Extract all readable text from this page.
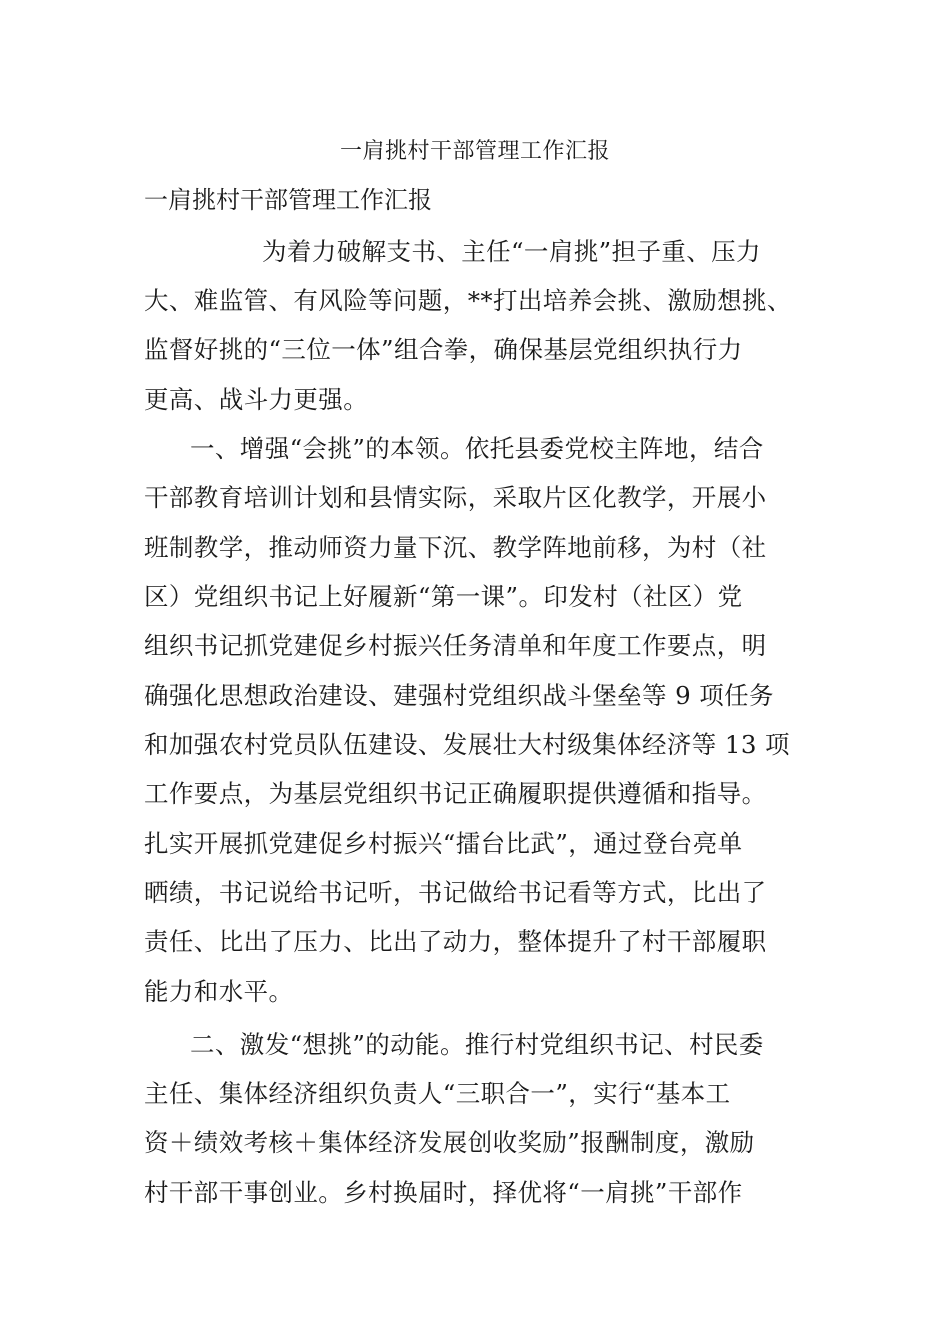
一肩挑村干部管理工作汇报

一肩挑村干部管理工作汇报

为着力破解支书、主任“一肩挑”担子重、压力

大、难监管、有风险等问题，**打出培养会挑、激励想挑、

监督好挑的“三位一体”组合拳，确保基层党组织执行力

更高、战斗力更强。

一、增强“会挑”的本领。依托县委党校主阵地，结合

干部教育培训计划和县情实际，采取片区化教学，开展小

班制教学，推动师资力量下沉、教学阵地前移，为村（社

区）党组织书记上好履新“第一课”。印发村（社区）党

组织书记抓党建促乡村振兴任务清单和年度工作要点，明

确强化思想政治建设、建强村党组织战斗堡垒等 9 项任务

和加强农村党员队伍建设、发展壮大村级集体经济等 13 项

工作要点，为基层党组织书记正确履职提供遵循和指导。

扎实开展抓党建促乡村振兴“擂台比武”，通过登台亮单

晒绩，书记说给书记听，书记做给书记看等方式，比出了

责任、比出了压力、比出了动力，整体提升了村干部履职

能力和水平。

二、激发“想挑”的动能。推行村党组织书记、村民委

主任、集体经济组织负责人“三职合一”，实行“基本工

资＋绩效考核＋集体经济发展创收奖励”报酬制度，激励

村干部干事创业。乡村换届时，择优将“一肩挑”干部作
